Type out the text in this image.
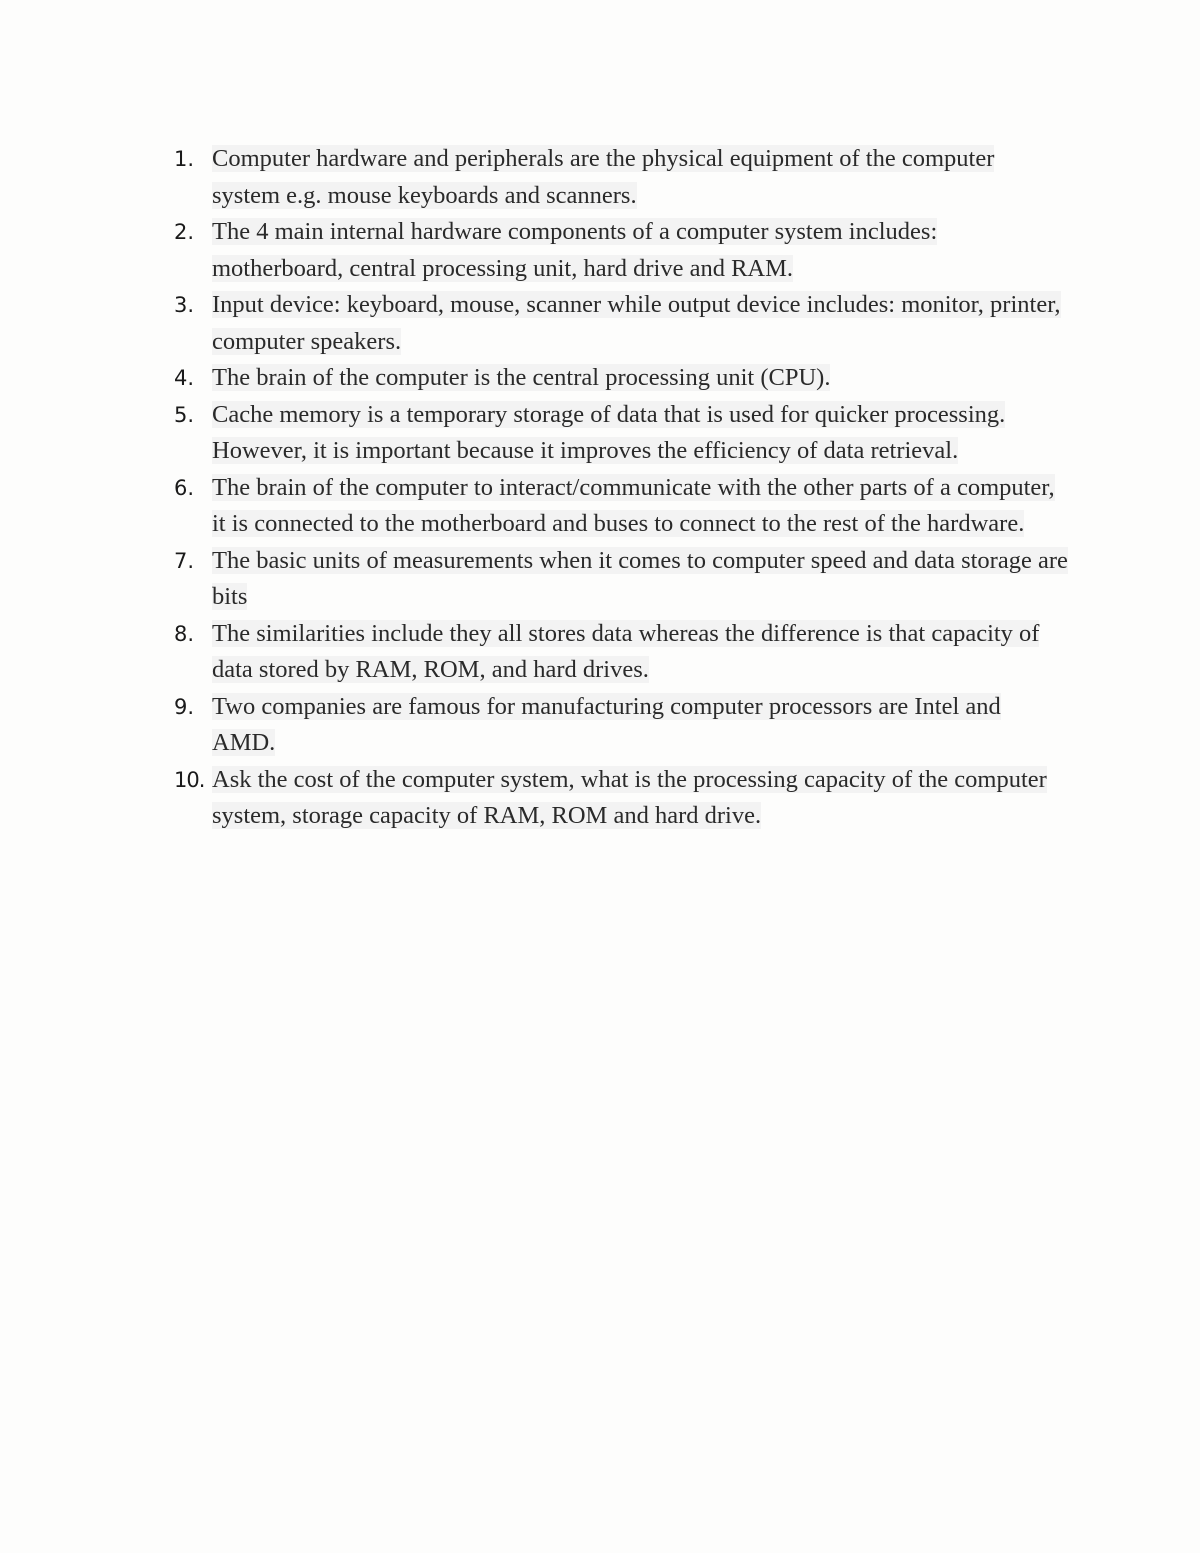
1. Computer hardware and peripherals are the physical equipment of the computer system e.g. mouse keyboards and scanners.
2. The 4 main internal hardware components of a computer system includes: motherboard, central processing unit, hard drive and RAM.
3. Input device: keyboard, mouse, scanner while output device includes: monitor, printer, computer speakers.
4. The brain of the computer is the central processing unit (CPU).
5. Cache memory is a temporary storage of data that is used for quicker processing. However, it is important because it improves the efficiency of data retrieval.
6. The brain of the computer to interact/communicate with the other parts of a computer, it is connected to the motherboard and buses to connect to the rest of the hardware.
7. The basic units of measurements when it comes to computer speed and data storage are bits
8. The similarities include they all stores data whereas the difference is that capacity of data stored by RAM, ROM, and hard drives.
9. Two companies are famous for manufacturing computer processors are Intel and AMD.
10. Ask the cost of the computer system, what is the processing capacity of the computer system, storage capacity of RAM, ROM and hard drive.
